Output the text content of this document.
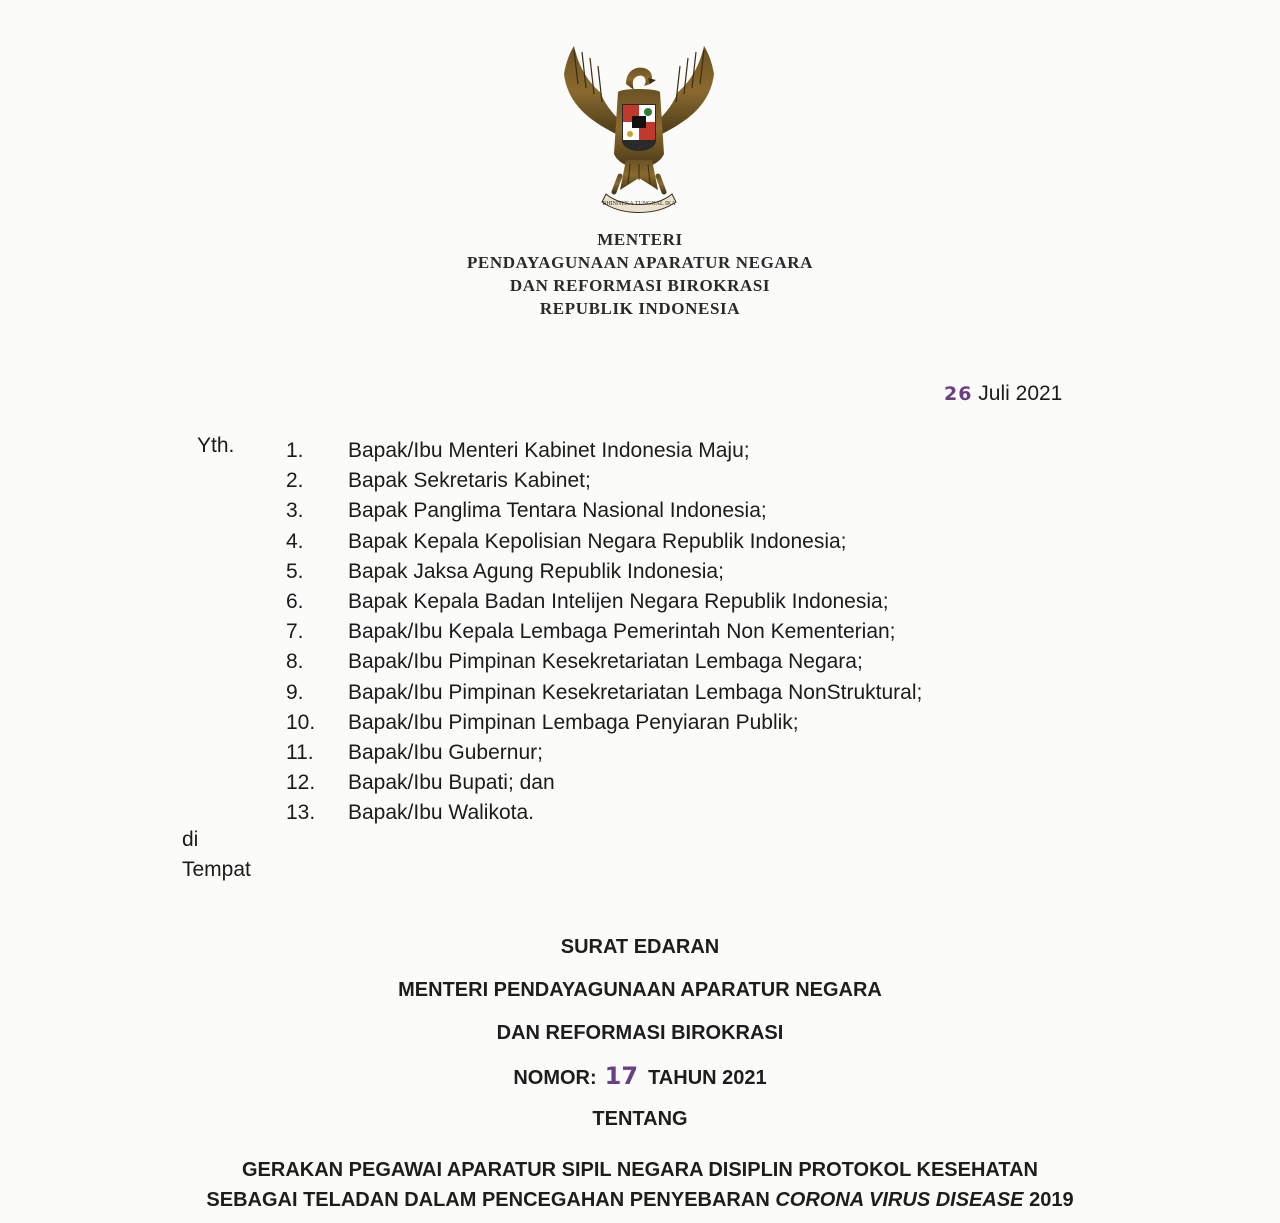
BHINNEKA TUNGGAL IKA
MENTERI
PENDAYAGUNAAN APARATUR NEGARA
DAN REFORMASI BIROKRASI
REPUBLIK INDONESIA
26 Juli 2021
Yth. 1. Bapak/Ibu Menteri Kabinet Indonesia Maju;
2. Bapak Sekretaris Kabinet;
3. Bapak Panglima Tentara Nasional Indonesia;
4. Bapak Kepala Kepolisian Negara Republik Indonesia;
5. Bapak Jaksa Agung Republik Indonesia;
6. Bapak Kepala Badan Intelijen Negara Republik Indonesia;
7. Bapak/Ibu Kepala Lembaga Pemerintah Non Kementerian;
8. Bapak/Ibu Pimpinan Kesekretariatan Lembaga Negara;
9. Bapak/Ibu Pimpinan Kesekretariatan Lembaga NonStruktural;
10. Bapak/Ibu Pimpinan Lembaga Penyiaran Publik;
11. Bapak/Ibu Gubernur;
12. Bapak/Ibu Bupati; dan
13. Bapak/Ibu Walikota.
di
Tempat
SURAT EDARAN
MENTERI PENDAYAGUNAAN APARATUR NEGARA
DAN REFORMASI BIROKRASI
NOMOR: 17 TAHUN 2021
TENTANG
GERAKAN PEGAWAI APARATUR SIPIL NEGARA DISIPLIN PROTOKOL KESEHATAN
SEBAGAI TELADAN DALAM PENCEGAHAN PENYEBARAN CORONA VIRUS DISEASE 2019
